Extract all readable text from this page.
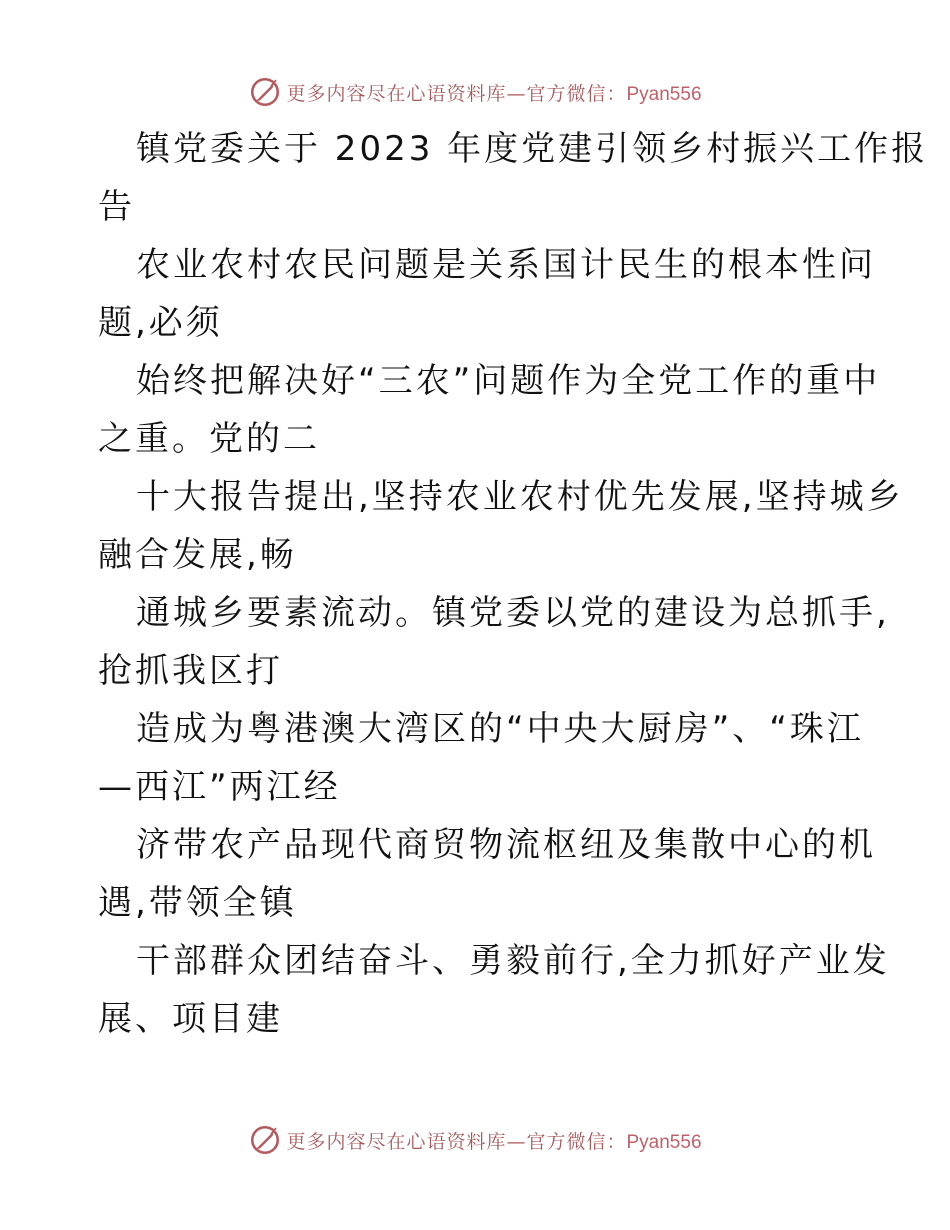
更多内容尽在心语资料库—官方微信：Pyan556
镇党委关于 2023 年度党建引领乡村振兴工作报
告
农业农村农民问题是关系国计民生的根本性问
题,必须
始终把解决好“三农”问题作为全党工作的重中
之重。党的二
十大报告提出,坚持农业农村优先发展,坚持城乡
融合发展,畅
通城乡要素流动。镇党委以党的建设为总抓手,
抢抓我区打
造成为粤港澳大湾区的“中央大厨房”、“珠江
—西江”两江经
济带农产品现代商贸物流枢纽及集散中心的机
遇,带领全镇
干部群众团结奋斗、勇毅前行,全力抓好产业发
展、项目建
更多内容尽在心语资料库—官方微信：Pyan556
